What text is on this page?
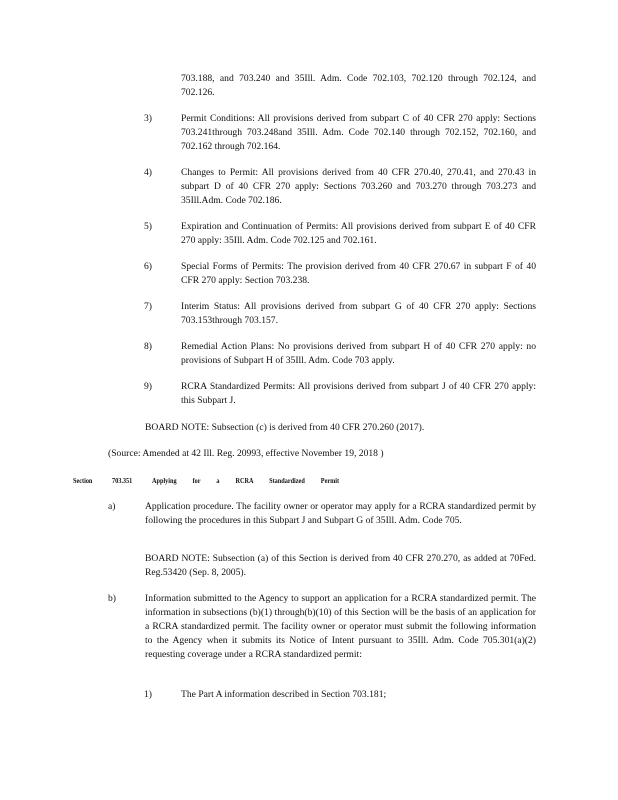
703.188, and 703.240 and 35Ill. Adm. Code 702.103, 702.120 through 702.124, and 702.126.

3)	Permit Conditions: All provisions derived from subpart C of 40 CFR 270 apply: Sections 703.241through 703.248and 35Ill. Adm. Code 702.140 through 702.152, 702.160, and 702.162 through 702.164.

4)	Changes to Permit: All provisions derived from 40 CFR 270.40, 270.41, and 270.43 in subpart D of 40 CFR 270 apply: Sections 703.260 and 703.270 through 703.273 and 35Ill.Adm. Code 702.186.

5)	Expiration and Continuation of Permits: All provisions derived from subpart E of 40 CFR 270 apply: 35Ill. Adm. Code 702.125 and 702.161.

6)	Special Forms of Permits: The provision derived from 40 CFR 270.67 in subpart F of 40 CFR 270 apply: Section 703.238.

7)	Interim Status: All provisions derived from subpart G of 40 CFR 270 apply: Sections 703.153through 703.157.

8)	Remedial Action Plans: No provisions derived from subpart H of 40 CFR 270 apply: no provisions of Subpart H of 35Ill. Adm. Code 703 apply.

9)	RCRA Standardized Permits: All provisions derived from subpart J of 40 CFR 270 apply: this Subpart J.

BOARD NOTE: Subsection (c) is derived from 40 CFR 270.260 (2017).

(Source: Amended at 42 Ill. Reg. 20993, effective November 19, 2018 )

Section	703.351	Applying for a RCRA Standardized Permit
a)	Application procedure. The facility owner or operator may apply for a RCRA standardized permit by following the procedures in this Subpart J and Subpart G of 35Ill. Adm. Code 705.

BOARD NOTE: Subsection (a) of this Section is derived from 40 CFR 270.270, as added at 70Fed. Reg.53420 (Sep. 8, 2005).

b)	Information submitted to the Agency to support an application for a RCRA standardized permit. The information in subsections (b)(1) through(b)(10) of this Section will be the basis of an application for a RCRA standardized permit. The facility owner or operator must submit the following information to the Agency when it submits its Notice of Intent pursuant to 35Ill. Adm. Code 705.301(a)(2) requesting coverage under a RCRA standardized permit:

1)	The Part A information described in Section 703.181;
